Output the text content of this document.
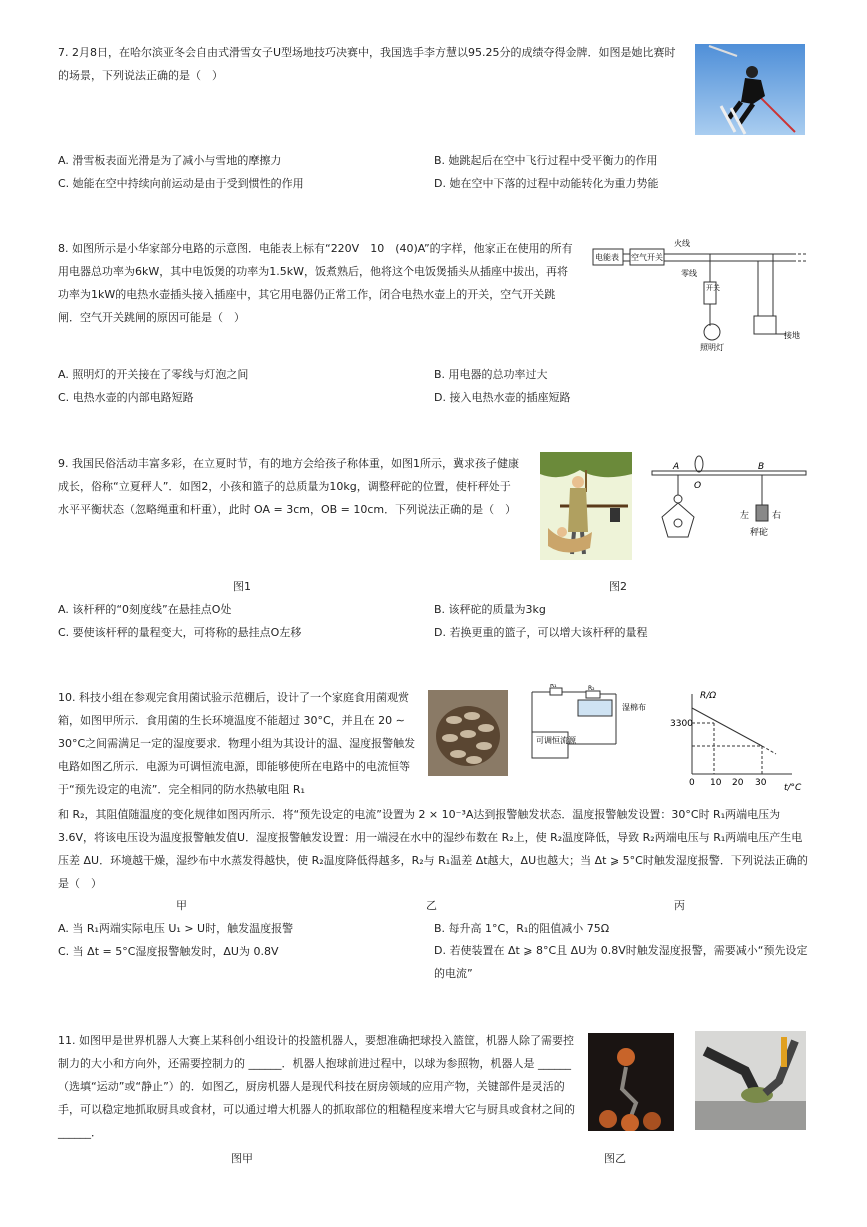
7. 2月8日，在哈尔滨亚冬会自由式滑雪女子U型场地技巧决赛中，我国选手李方慧以95.25分的成绩夺得金牌．如图是她比赛时的场景，下列说法正确的是（　）
A. 滑雪板表面光滑是为了减小与雪地的摩擦力	B. 她跳起后在空中飞行过程中受平衡力的作用
C. 她能在空中持续向前运动是由于受到惯性的作用	D. 她在空中下落的过程中动能转化为重力势能
8. 如图所示是小华家部分电路的示意图．电能表上标有“220V　10　(40)A”的字样，他家正在使用的所有用电器总功率为6kW，其中电饭煲的功率为1.5kW，饭煮熟后，他将这个电饭煲插头从插座中拔出，再将功率为1kW的电热水壶插头接入插座中，其它用电器仍正常工作，闭合电热水壶上的开关，空气开关跳闸．空气开关跳闸的原因可能是（　）
电能表 空气开关
火线
零线
开关
照明灯
接地
A. 照明灯的开关接在了零线与灯泡之间	B. 用电器的总功率过大
C. 电热水壶的内部电路短路	D. 接入电热水壶的插座短路
9. 我国民俗活动丰富多彩，在立夏时节，有的地方会给孩子称体重，如图1所示，冀求孩子健康成长，俗称“立夏秤人”．如图2，小孩和篮子的总质量为10kg，调整秤砣的位置，使杆秤处于水平平衡状态（忽略绳重和杆重），此时 OA = 3cm，OB = 10cm．下列说法正确的是（　）
A
O
B
左	右
秤砣
图1	图2
A. 该杆秤的“0刻度线”在悬挂点O处	B. 该秤砣的质量为3kg
C. 要使该杆秤的量程变大，可将称的悬挂点O左移	D. 若换更重的篮子，可以增大该杆秤的量程
10. 科技小组在参观完食用菌试验示范棚后，设计了一个家庭食用菌观赏箱，如图甲所示．食用菌的生长环境温度不能超过 30°C，并且在 20 ∼ 30°C之间需满足一定的湿度要求．物理小组为其设计的温、湿度报警触发电路如图乙所示．电源为可调恒流电源，即能够使所在电路中的电流恒等于“预先设定的电流”．完全相同的防水热敏电阻 R₁
和 R₂，其阻值随温度的变化规律如图丙所示．将“预先设定的电流”设置为 2 × 10⁻³A达到报警触发状态．温度报警触发设置：30°C时 R₁两端电压为3.6V，将该电压设为温度报警触发值U．湿度报警触发设置：用一端浸在水中的湿纱布数在 R₂上，使 R₂温度降低，导致 R₂两端电压与 R₁两端电压产生电压差 ΔU．环境越干燥，湿纱布中水蒸发得越快，使 R₂温度降低得越多，R₂与 R₁温差 Δt越大，ΔU也越大；当 Δt ⩾ 5°C时触发湿度报警．下列说法正确的是（　）
R₁	R₂
湿棉布
可调恒流源
R/Ω
t/°C
3300
0 10 20 30
甲	乙	丙
A. 当 R₁两端实际电压 U₁ > U时，触发温度报警	B. 每升高 1°C，R₁的阻值减小 75Ω
C. 当 Δt = 5°C湿度报警触发时，ΔU为 0.8V	D. 若使装置在 Δt ⩾ 8°C且 ΔU为 0.8V时触发湿度报警，需要减小“预先设定的电流”
11. 如图甲是世界机器人大赛上某科创小组设计的投篮机器人，要想准确把球投入篮筐，机器人除了需要控制力的大小和方向外，还需要控制力的 ______．机器人抱球前进过程中，以球为参照物，机器人是 ______（选填“运动”或“静止”）的．如图乙，厨房机器人是现代科技在厨房领域的应用产物，关键部件是灵活的手，可以稳定地抓取厨具或食材，可以通过增大机器人的抓取部位的粗糙程度来增大它与厨具或食材之间的 ______．
图甲	图乙
